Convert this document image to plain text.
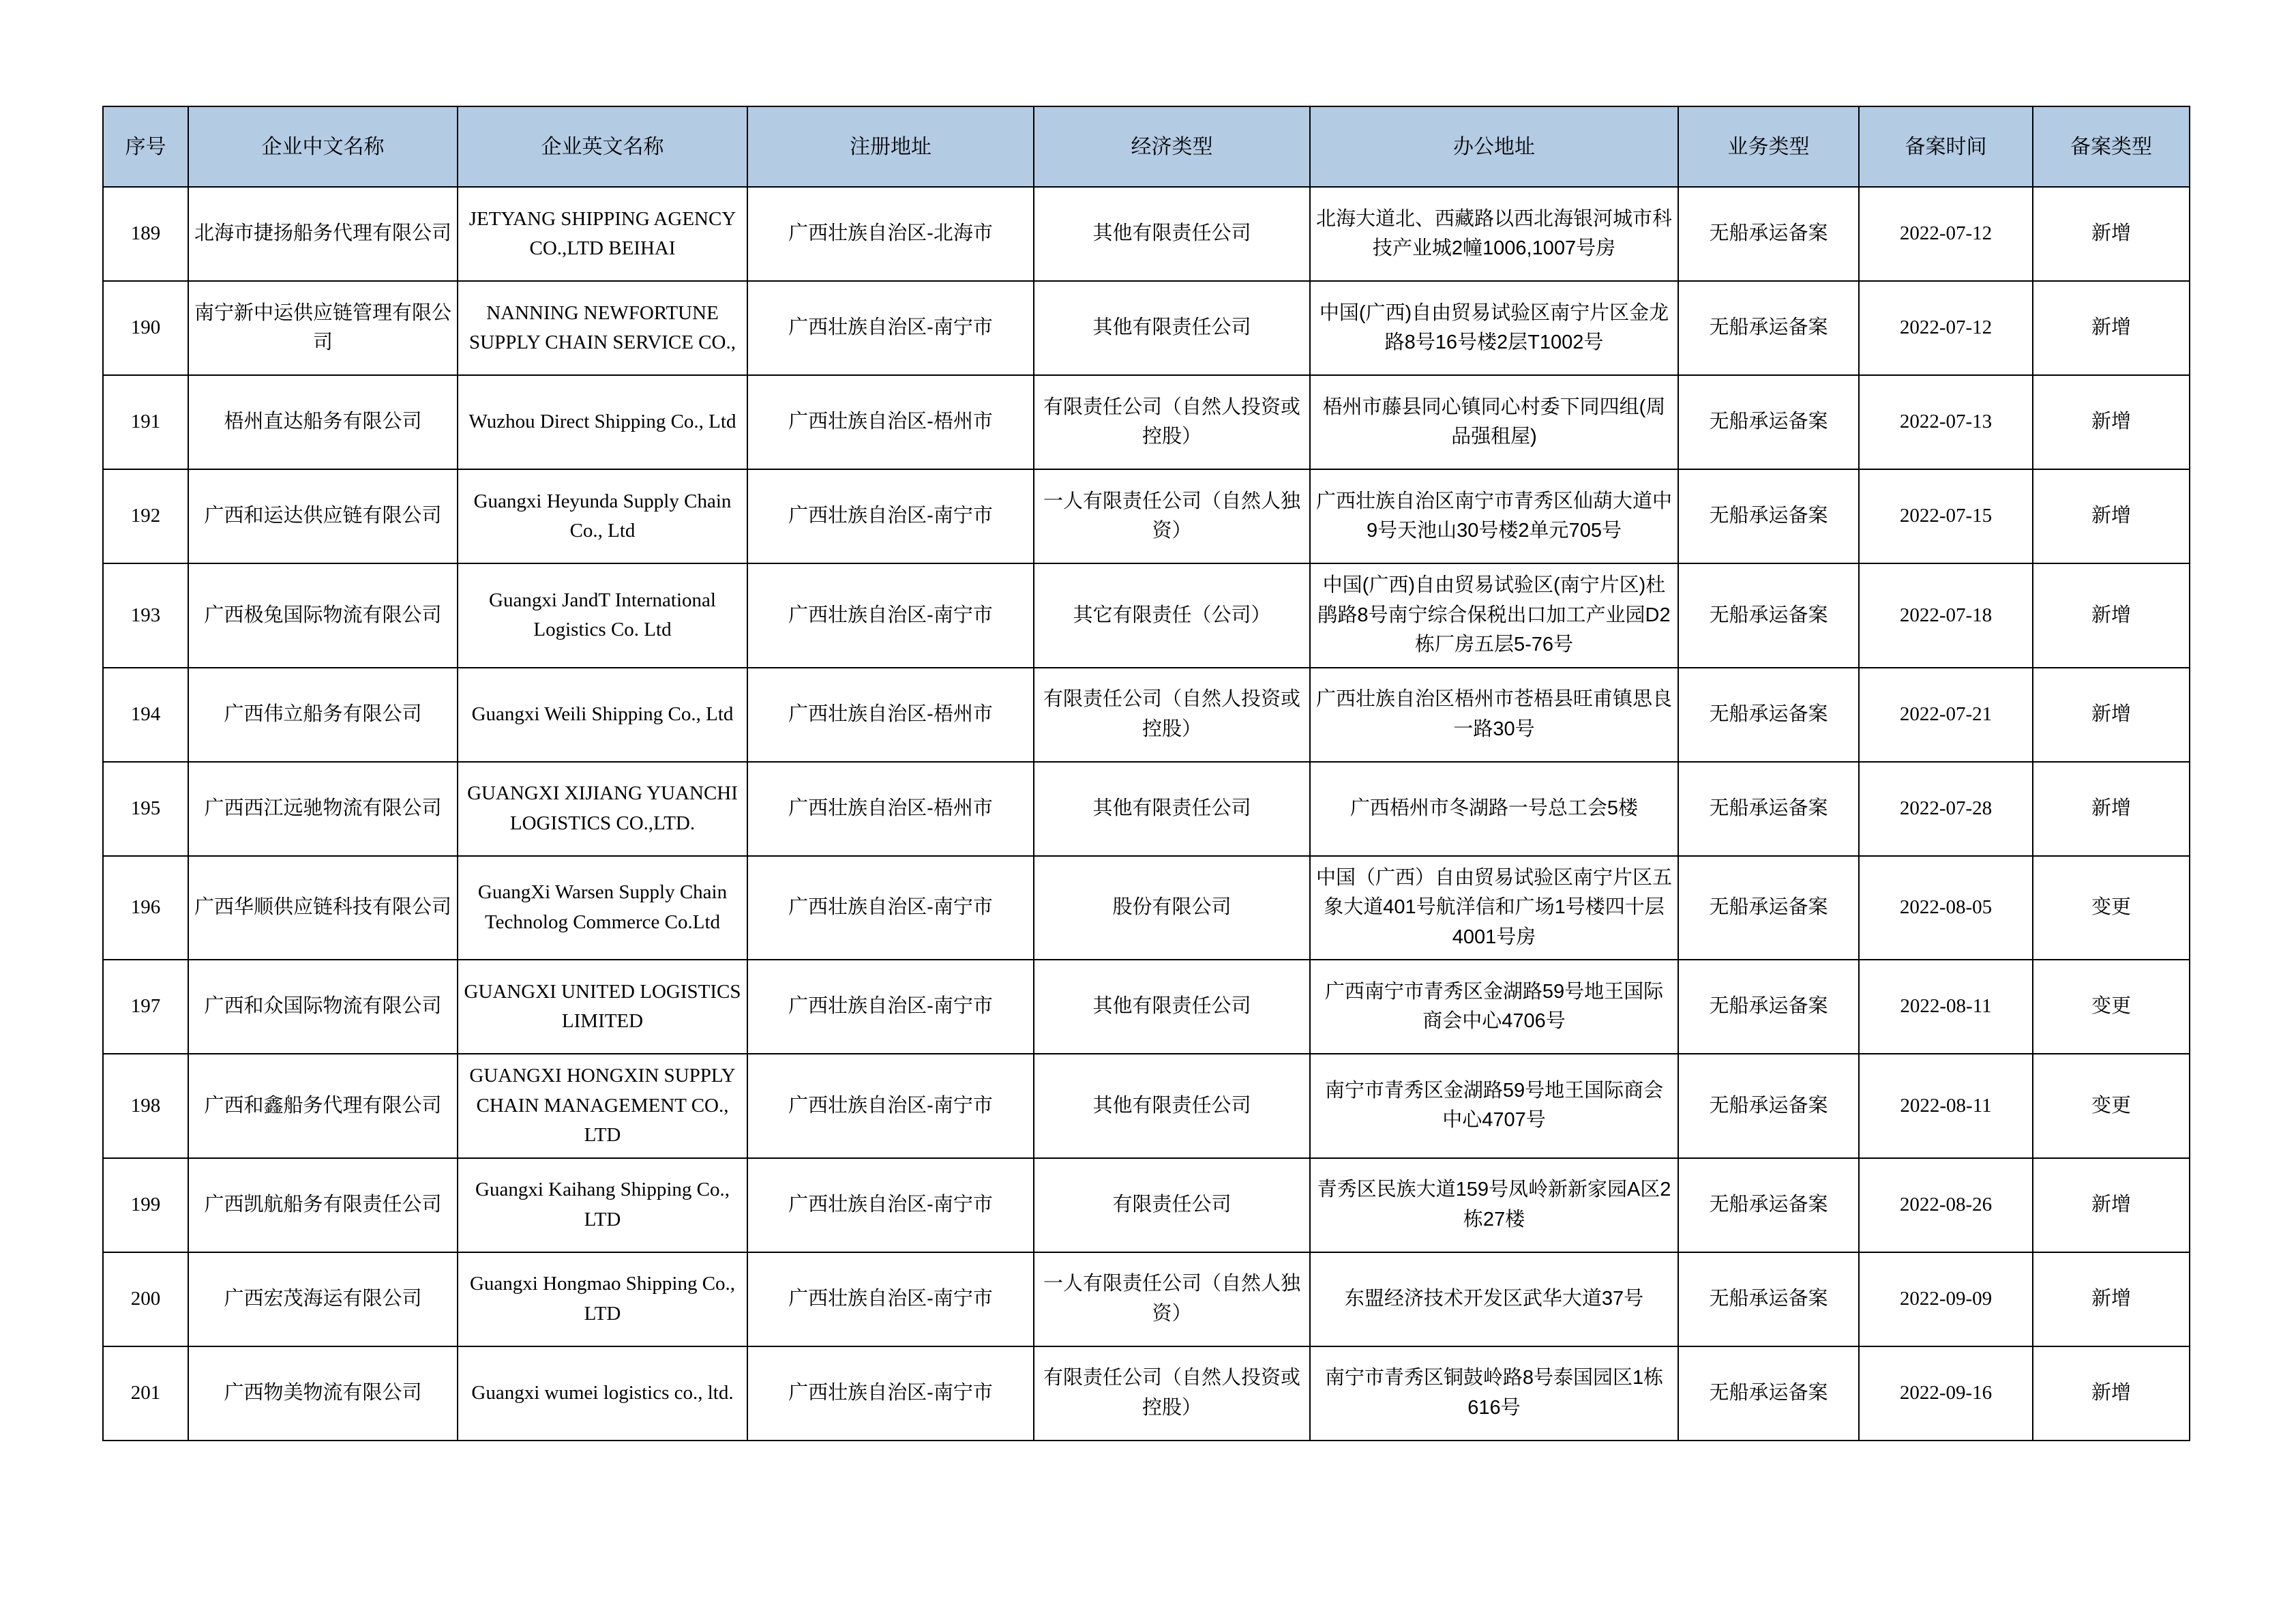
序号	企业中文名称	企业英文名称	注册地址	经济类型	办公地址	业务类型	备案时间	备案类型
189	北海市捷扬船务代理有限公司	JETYANG SHIPPING AGENCY CO.,LTD BEIHAI	广西壮族自治区-北海市	其他有限责任公司	北海大道北、西藏路以西北海银河城市科技产业城2幢1006,1007号房	无船承运备案	2022-07-12	新增
190	南宁新中运供应链管理有限公司	NANNING NEWFORTUNE SUPPLY CHAIN SERVICE CO.,	广西壮族自治区-南宁市	其他有限责任公司	中国(广西)自由贸易试验区南宁片区金龙路8号16号楼2层T1002号	无船承运备案	2022-07-12	新增
191	梧州直达船务有限公司	Wuzhou Direct Shipping Co., Ltd	广西壮族自治区-梧州市	有限责任公司（自然人投资或控股）	梧州市藤县同心镇同心村委下同四组(周品强租屋)	无船承运备案	2022-07-13	新增
192	广西和运达供应链有限公司	Guangxi Heyunda Supply Chain Co., Ltd	广西壮族自治区-南宁市	一人有限责任公司（自然人独资）	广西壮族自治区南宁市青秀区仙葫大道中9号天池山30号楼2单元705号	无船承运备案	2022-07-15	新增
193	广西极兔国际物流有限公司	Guangxi JandT International Logistics Co. Ltd	广西壮族自治区-南宁市	其它有限责任（公司）	中国(广西)自由贸易试验区(南宁片区)杜鹃路8号南宁综合保税出口加工产业园D2栋厂房五层5-76号	无船承运备案	2022-07-18	新增
194	广西伟立船务有限公司	Guangxi Weili Shipping Co., Ltd	广西壮族自治区-梧州市	有限责任公司（自然人投资或控股）	广西壮族自治区梧州市苍梧县旺甫镇思良一路30号	无船承运备案	2022-07-21	新增
195	广西西江远驰物流有限公司	GUANGXI XIJIANG YUANCHI LOGISTICS CO.,LTD.	广西壮族自治区-梧州市	其他有限责任公司	广西梧州市冬湖路一号总工会5楼	无船承运备案	2022-07-28	新增
196	广西华顺供应链科技有限公司	GuangXi Warsen Supply Chain Technolog Commerce Co.Ltd	广西壮族自治区-南宁市	股份有限公司	中国（广西）自由贸易试验区南宁片区五象大道401号航洋信和广场1号楼四十层4001号房	无船承运备案	2022-08-05	变更
197	广西和众国际物流有限公司	GUANGXI UNITED LOGISTICS LIMITED	广西壮族自治区-南宁市	其他有限责任公司	广西南宁市青秀区金湖路59号地王国际商会中心4706号	无船承运备案	2022-08-11	变更
198	广西和鑫船务代理有限公司	GUANGXI HONGXIN SUPPLY CHAIN MANAGEMENT CO., LTD	广西壮族自治区-南宁市	其他有限责任公司	南宁市青秀区金湖路59号地王国际商会中心4707号	无船承运备案	2022-08-11	变更
199	广西凯航船务有限责任公司	Guangxi Kaihang Shipping Co., LTD	广西壮族自治区-南宁市	有限责任公司	青秀区民族大道159号凤岭新新家园A区2栋27楼	无船承运备案	2022-08-26	新增
200	广西宏茂海运有限公司	Guangxi Hongmao Shipping Co., LTD	广西壮族自治区-南宁市	一人有限责任公司（自然人独资）	东盟经济技术开发区武华大道37号	无船承运备案	2022-09-09	新增
201	广西物美物流有限公司	Guangxi wumei logistics co., ltd.	广西壮族自治区-南宁市	有限责任公司（自然人投资或控股）	南宁市青秀区铜鼓岭路8号泰国园区1栋616号	无船承运备案	2022-09-16	新增
